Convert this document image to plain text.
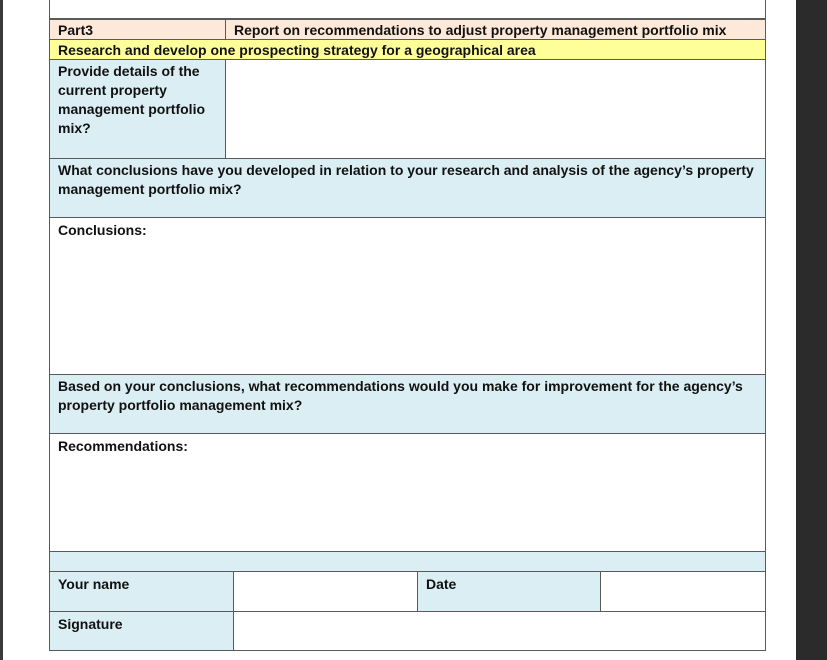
Part3	Report on recommendations to adjust property management portfolio mix
Research and develop one prospecting strategy for a geographical area
Provide details of the current property management portfolio mix?
What conclusions have you developed in relation to your research and analysis of the agency’s property management portfolio mix?
Conclusions:
Based on your conclusions, what recommendations would you make for improvement for the agency’s property portfolio management mix?
Recommendations:
Your name	Date
Signature
